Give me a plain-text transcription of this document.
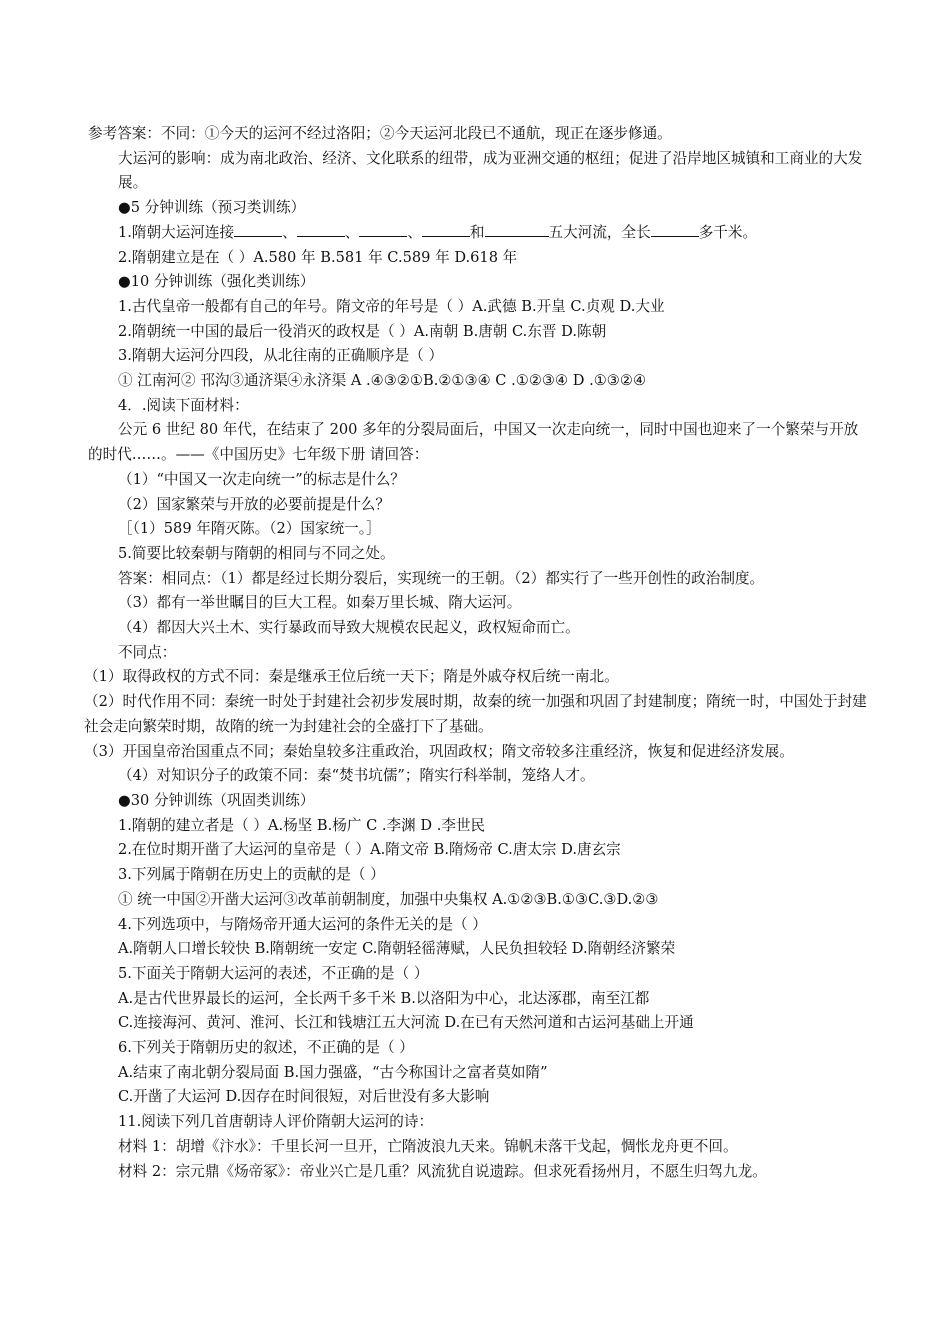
参考答案：不同：①今天的运河不经过洛阳；②今天运河北段已不通航，现正在逐步修通。
大运河的影响：成为南北政治、经济、文化联系的纽带，成为亚洲交通的枢纽；促进了沿岸地区城镇和工商业的大发展。
●5 分钟训练（预习类训练）
1.隋朝大运河连接	、	、	、	和	五大河流，全长	多千米。
2.隋朝建立是在（ ）A.580 年 B.581 年 C.589 年 D.618 年
●10 分钟训练（强化类训练）
1.古代皇帝一般都有自己的年号。隋文帝的年号是（ ）A.武德 B.开皇 C.贞观 D.大业
2.隋朝统一中国的最后一役消灭的政权是（ ）A.南朝 B.唐朝 C.东晋 D.陈朝
3.隋朝大运河分四段，从北往南的正确顺序是（ ）
① 江南河② 邗沟③通济渠④永济渠 A .④③②①B.②①③④ C .①②③④ D .①③②④
4．.阅读下面材料：
公元 6 世纪 80 年代，在结束了 200 多年的分裂局面后，中国又一次走向统一，同时中国也迎来了一个繁荣与开放的时代……。——《中国历史》七年级下册 请回答：
（1）“中国又一次走向统一”的标志是什么？
（2）国家繁荣与开放的必要前提是什么？
［（1）589 年隋灭陈。（2）国家统一。］
5.简要比较秦朝与隋朝的相同与不同之处。
答案：相同点：（1）都是经过长期分裂后，实现统一的王朝。（2）都实行了一些开创性的政治制度。
（3）都有一举世瞩目的巨大工程。如秦万里长城、隋大运河。
（4）都因大兴土木、实行暴政而导致大规模农民起义，政权短命而亡。
不同点：
（1）取得政权的方式不同：秦是继承王位后统一天下；隋是外戚夺权后统一南北。
（2）时代作用不同：秦统一时处于封建社会初步发展时期，故秦的统一加强和巩固了封建制度；隋统一时，中国处于封建社会走向繁荣时期，故隋的统一为封建社会的全盛打下了基础。
（3）开国皇帝治国重点不同；秦始皇较多注重政治，巩固政权；隋文帝较多注重经济，恢复和促进经济发展。
（4）对知识分子的政策不同：秦“焚书坑儒”；隋实行科举制，笼络人才。
●30 分钟训练（巩固类训练）
1.隋朝的建立者是（ ）A.杨坚 B.杨广 C .李渊 D .李世民
2.在位时期开凿了大运河的皇帝是（ ）A.隋文帝 B.隋炀帝 C.唐太宗 D.唐玄宗
3.下列属于隋朝在历史上的贡献的是（ ）
① 统一中国②开凿大运河③改革前朝制度，加强中央集权 A.①②③B.①③C.③D.②③
4.下列选项中，与隋炀帝开通大运河的条件无关的是（ ）
A.隋朝人口增长较快 B.隋朝统一安定 C.隋朝轻徭薄赋，人民负担较轻 D.隋朝经济繁荣
5.下面关于隋朝大运河的表述，不正确的是（ ）
A.是古代世界最长的运河，全长两千多千米 B.以洛阳为中心，北达涿郡，南至江都
C.连接海河、黄河、淮河、长江和钱塘江五大河流 D.在已有天然河道和古运河基础上开通
6.下列关于隋朝历史的叙述，不正确的是（ ）
A.结束了南北朝分裂局面 B.国力强盛，“古今称国计之富者莫如隋”
C.开凿了大运河 D.因存在时间很短，对后世没有多大影响
11.阅读下列几首唐朝诗人评价隋朝大运河的诗：
材料 1：胡增《汴水》：千里长河一旦开，亡隋波浪九天来。锦帆未落干戈起，惆怅龙舟更不回。
材料 2：宗元鼎《炀帝冢》：帝业兴亡是几重？风流犹自说遗踪。但求死看扬州月，不愿生归驾九龙。
